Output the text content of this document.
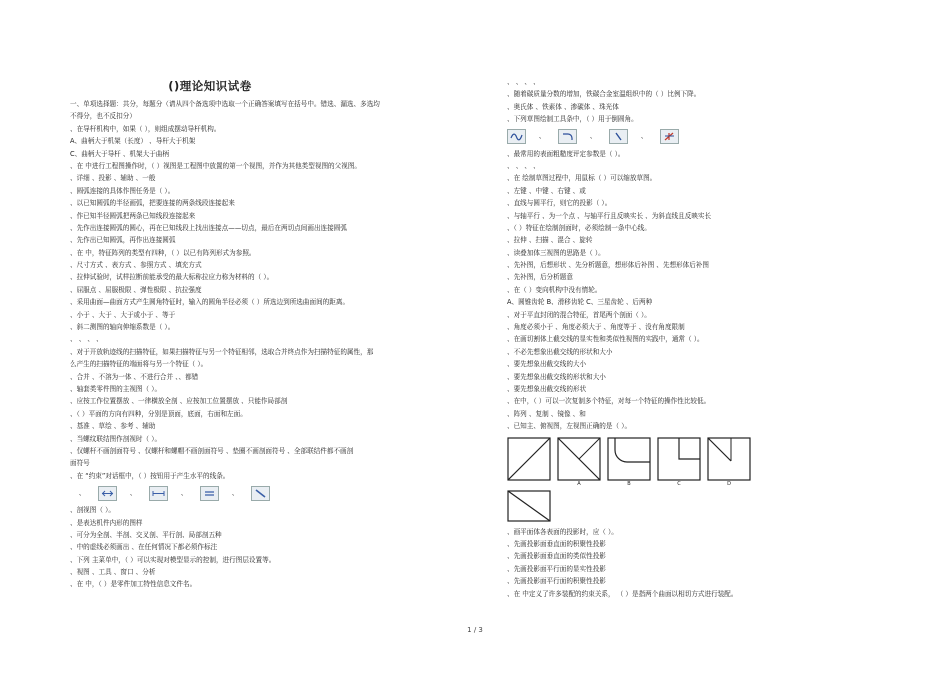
()理论知识试卷
一、单项选择题：共分，每题分（请从四个备选项中选取一个正确答案填写在括号中。错选、漏选、多选均
不得分，也不反扣分）
、在导杆机构中，如果（ ），则组成摆动导杆机构。
A、曲柄大于机架（长度） 、导杆大于机架
C、曲柄大于导杆 、机架大于曲柄
、在 中进行工程图操作时，（ ）视图是工程图中放置的第一个视图，并作为其他类型视图的父视图。
、详细 、投影 、辅助 、一般
、圆弧连接的具体作图任务是（ ）。
、以已知圆弧的半径画弧，把要连接的两条线段连接起来
、作已知半径圆弧把两条已知线段连接起来
、先作出连接圆弧的圆心，再在已知线段上找出连接点——切点，最后在两切点间画出连接圆弧
、先作出已知圆弧，再作出连接圆弧
、在 中，特征阵列的类型有四种，（ ）以已有阵列形式为参照。
、尺寸方式 、表方式 、参照方式 、填充方式
、拉伸试验时，试样拉断前能承受的最大标称拉应力称为材料的（ ）。
、屈服点 、屈服极限 、弹性极限 、抗拉强度
、采用曲面—曲面方式产生圆角特征时，输入的圆角半径必须（ ）所选边到所选曲面间的距离。
、小于 、大于 、大于或小于 、等于
、斜二测图的轴向伸缩系数是（ ）。
、 、 、 、
、对于开放轨迹线的扫描特征，如果扫描特征与另一个特征相邻，选取合并终点作为扫描特征的属性，那
么产生的扫描特征的端面将与另一个特征（ ）。
、合并 、不溶为一体 、不进行合并 、、都错
、轴套类零件图的主视图（ ）。
、应按工作位置摆放 、一律横放全剖 、应按加工位置摆放 、只能作局部剖
、（ ）平面的方向有四种，分别是顶面，底面，右面和左面。
、基准 、草绘 、参考 、辅助
、当螺纹联结图作剖视时（ ）。
、仅螺杆不画剖面符号 、仅螺杆和螺帽不画剖面符号 、垫圈不画剖面符号 、全部联结件都不画剖
面符号
、在 “约束”对话框中，（ ）按钮用于产生水平的线条。
、	、	、	、
、剖视图（ ）。
、是表达机件内形的图样
、可分为全剖、半剖、交叉剖、平行剖、局部剖五种
、中的虚线必须画出 、在任何情况下都必须作标注
、下列 主菜单中，（ ）可以实现对模型显示的控制，进行图层设置等。
、视图 、工具 、窗口 、分析
、在 中，（ ）是零件加工特性信息文件名。
、 、 、 、
、随着碳质量分数的增加，铁碳合金室温组织中的（ ）比例下降。
、奥氏体 、铁素体 、渗碳体 、珠光体
、下列草图绘制工具条中，（ ）用于倒圆角。
、	、	、
、最常用的表面粗糙度评定参数是（ ）。
、 、 、 、
、在 绘制草图过程中，用鼠标（ ）可以缩放草图。
、左键 、中键 、右键 、或
、直线与圆平行，则它的投影（ ）。
、与轴平行 、为一个点 、与轴平行且反映实长 、为斜直线且反映实长
、（ ）特征在绘制剖面时，必须绘制一条中心线。
、拉伸 、扫描 、混合 、旋转
、读叠加体三视图的思路是（ ）。
、先补图，后想形状 、先分析题意，想形体后补图 、先想形体后补图
、先补图，后分析题意
、在（ ）变向机构中没有惰轮。
A、圆锥齿轮 B、滑移齿轮 C、三星齿轮 、后两种
、对于平直封闭的混合特征，首尾两个剖面（ ）。
、角度必须小于 、角度必须大于 、角度等于 、没有角度限制
、在画切割体上截交线的显实性和类似性视图的实践中，通常（ ）。
、不必先想象出截交线的形状和大小
、要先想象出截交线的大小
、要先想象出截交线的形状和大小
、要先想象出截交线的形状
、在中，（ ）可以一次复制多个特征，对每一个特征的操作性比较低。
、阵列 、复制 、镜像 、和
、已知主、俯视图，左视图正确的是（ ）。

A	B	C	D
、画平面体各表面的投影时，应（ ）。
、先画投影面垂直面的积聚性投影
、先画投影面垂直面的类似性投影
、先画投影面平行面的显实性投影
、先画投影面平行面的积聚性投影
、在 中定义了许多装配的约束关系， （ ）是指两个曲面以相切方式进行装配。
1 / 3
